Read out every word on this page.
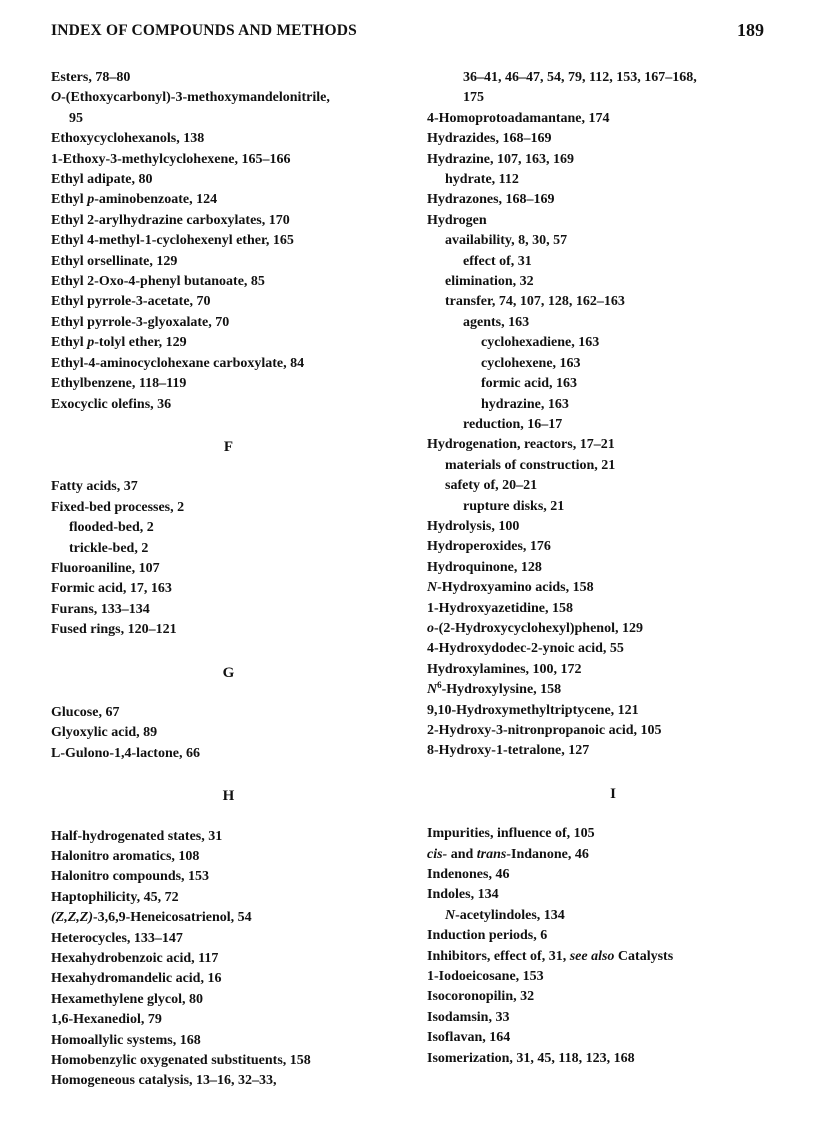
INDEX OF COMPOUNDS AND METHODS	189
Esters, 78–80
O-(Ethoxycarbonyl)-3-methoxymandelonitrile,
95
Ethoxycyclohexanols, 138
1-Ethoxy-3-methylcyclohexene, 165–166
Ethyl adipate, 80
Ethyl p-aminobenzoate, 124
Ethyl 2-arylhydrazine carboxylates, 170
Ethyl 4-methyl-1-cyclohexenyl ether, 165
Ethyl orsellinate, 129
Ethyl 2-Oxo-4-phenyl butanoate, 85
Ethyl pyrrole-3-acetate, 70
Ethyl pyrrole-3-glyoxalate, 70
Ethyl p-tolyl ether, 129
Ethyl-4-aminocyclohexane carboxylate, 84
Ethylbenzene, 118–119
Exocyclic olefins, 36
F
Fatty acids, 37
Fixed-bed processes, 2
flooded-bed, 2
trickle-bed, 2
Fluoroaniline, 107
Formic acid, 17, 163
Furans, 133–134
Fused rings, 120–121
G
Glucose, 67
Glyoxylic acid, 89
L-Gulono-1,4-lactone, 66
H
Half-hydrogenated states, 31
Halonitro aromatics, 108
Halonitro compounds, 153
Haptophilicity, 45, 72
(Z,Z,Z)-3,6,9-Heneicosatrienol, 54
Heterocycles, 133–147
Hexahydrobenzoic acid, 117
Hexahydromandelic acid, 16
Hexamethylene glycol, 80
1,6-Hexanediol, 79
Homoallylic systems, 168
Homobenzylic oxygenated substituents, 158
Homogeneous catalysis, 13–16, 32–33,
36–41, 46–47, 54, 79, 112, 153, 167–168,
175
4-Homoprotoadamantane, 174
Hydrazides, 168–169
Hydrazine, 107, 163, 169
hydrate, 112
Hydrazones, 168–169
Hydrogen
availability, 8, 30, 57
effect of, 31
elimination, 32
transfer, 74, 107, 128, 162–163
agents, 163
cyclohexadiene, 163
cyclohexene, 163
formic acid, 163
hydrazine, 163
reduction, 16–17
Hydrogenation, reactors, 17–21
materials of construction, 21
safety of, 20–21
rupture disks, 21
Hydrolysis, 100
Hydroperoxides, 176
Hydroquinone, 128
N-Hydroxyamino acids, 158
1-Hydroxyazetidine, 158
o-(2-Hydroxycyclohexyl)phenol, 129
4-Hydroxydodec-2-ynoic acid, 55
Hydroxylamines, 100, 172
$N^6$-Hydroxylysine, 158
9,10-Hydroxymethyltriptycene, 121
2-Hydroxy-3-nitronpropanoic acid, 105
8-Hydroxy-1-tetralone, 127
I
Impurities, influence of, 105
cis- and trans-Indanone, 46
Indenones, 46
Indoles, 134
N-acetylindoles, 134
Induction periods, 6
Inhibitors, effect of, 31, see also Catalysts
1-Iodoeicosane, 153
Isocoronopilin, 32
Isodamsin, 33
Isoflavan, 164
Isomerization, 31, 45, 118, 123, 168
